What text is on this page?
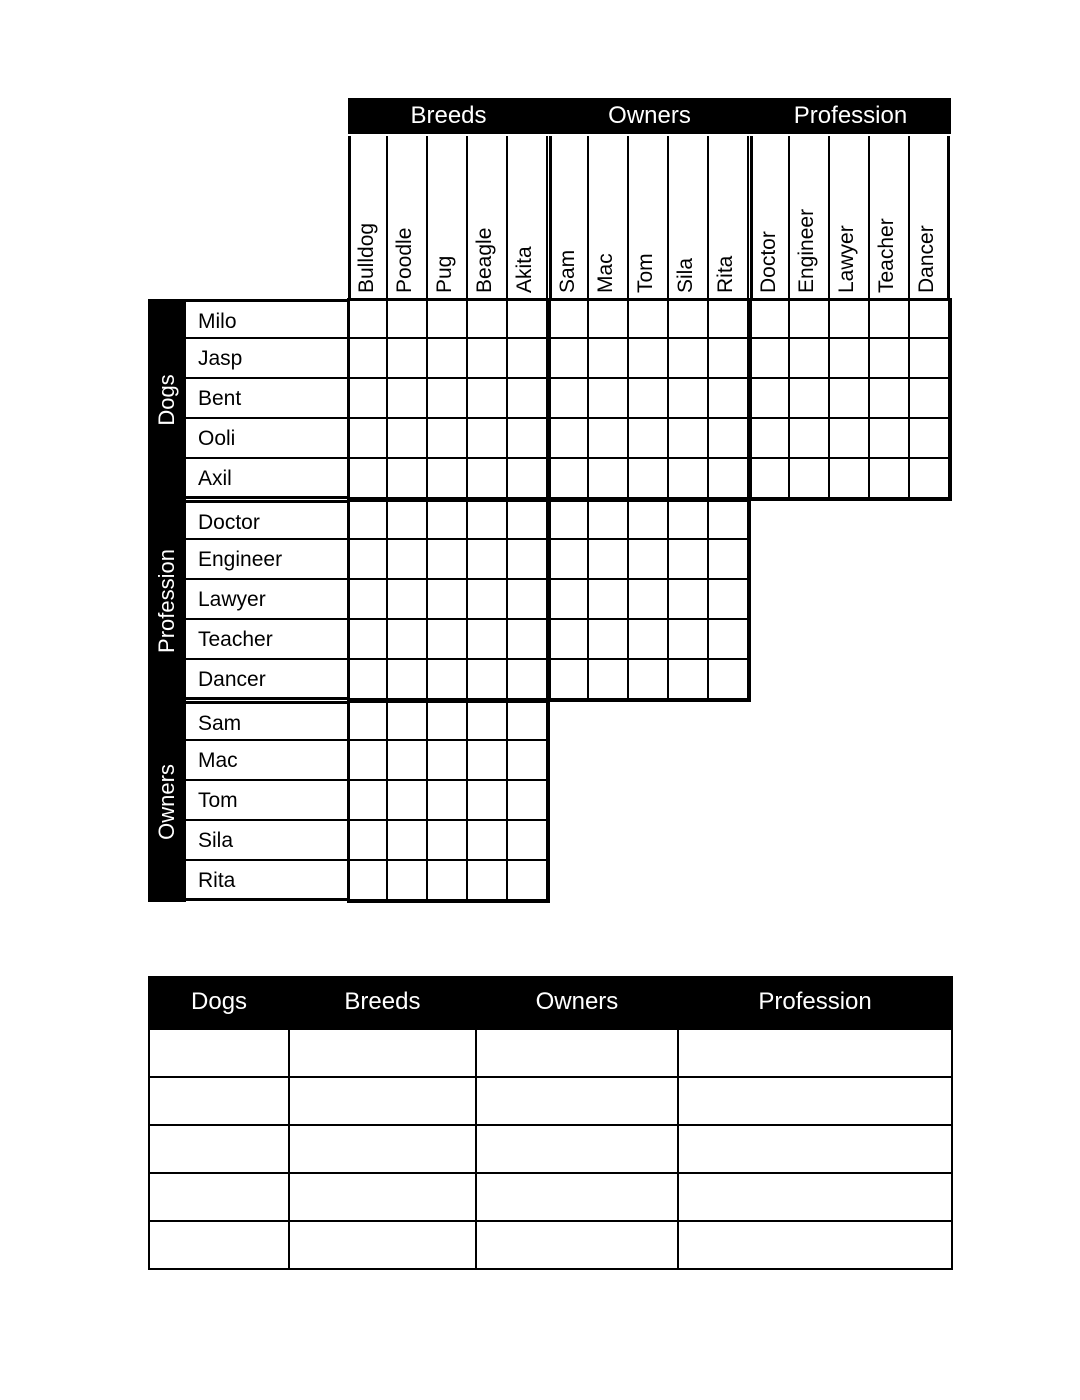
Breeds
Bulldog Poodle Pug Beagle Akita
Owners
Sam Mac Tom Sila Rita
Profession
Doctor Engineer Lawyer Teacher Dancer
Dogs
Milo
Jasp
Bent
Ooli
Axil
Profession
Doctor
Engineer
Lawyer
Teacher
Dancer
Owners
Sam
Mac
Tom
Sila
Rita
Dogs	Breeds	Owners	Profession
